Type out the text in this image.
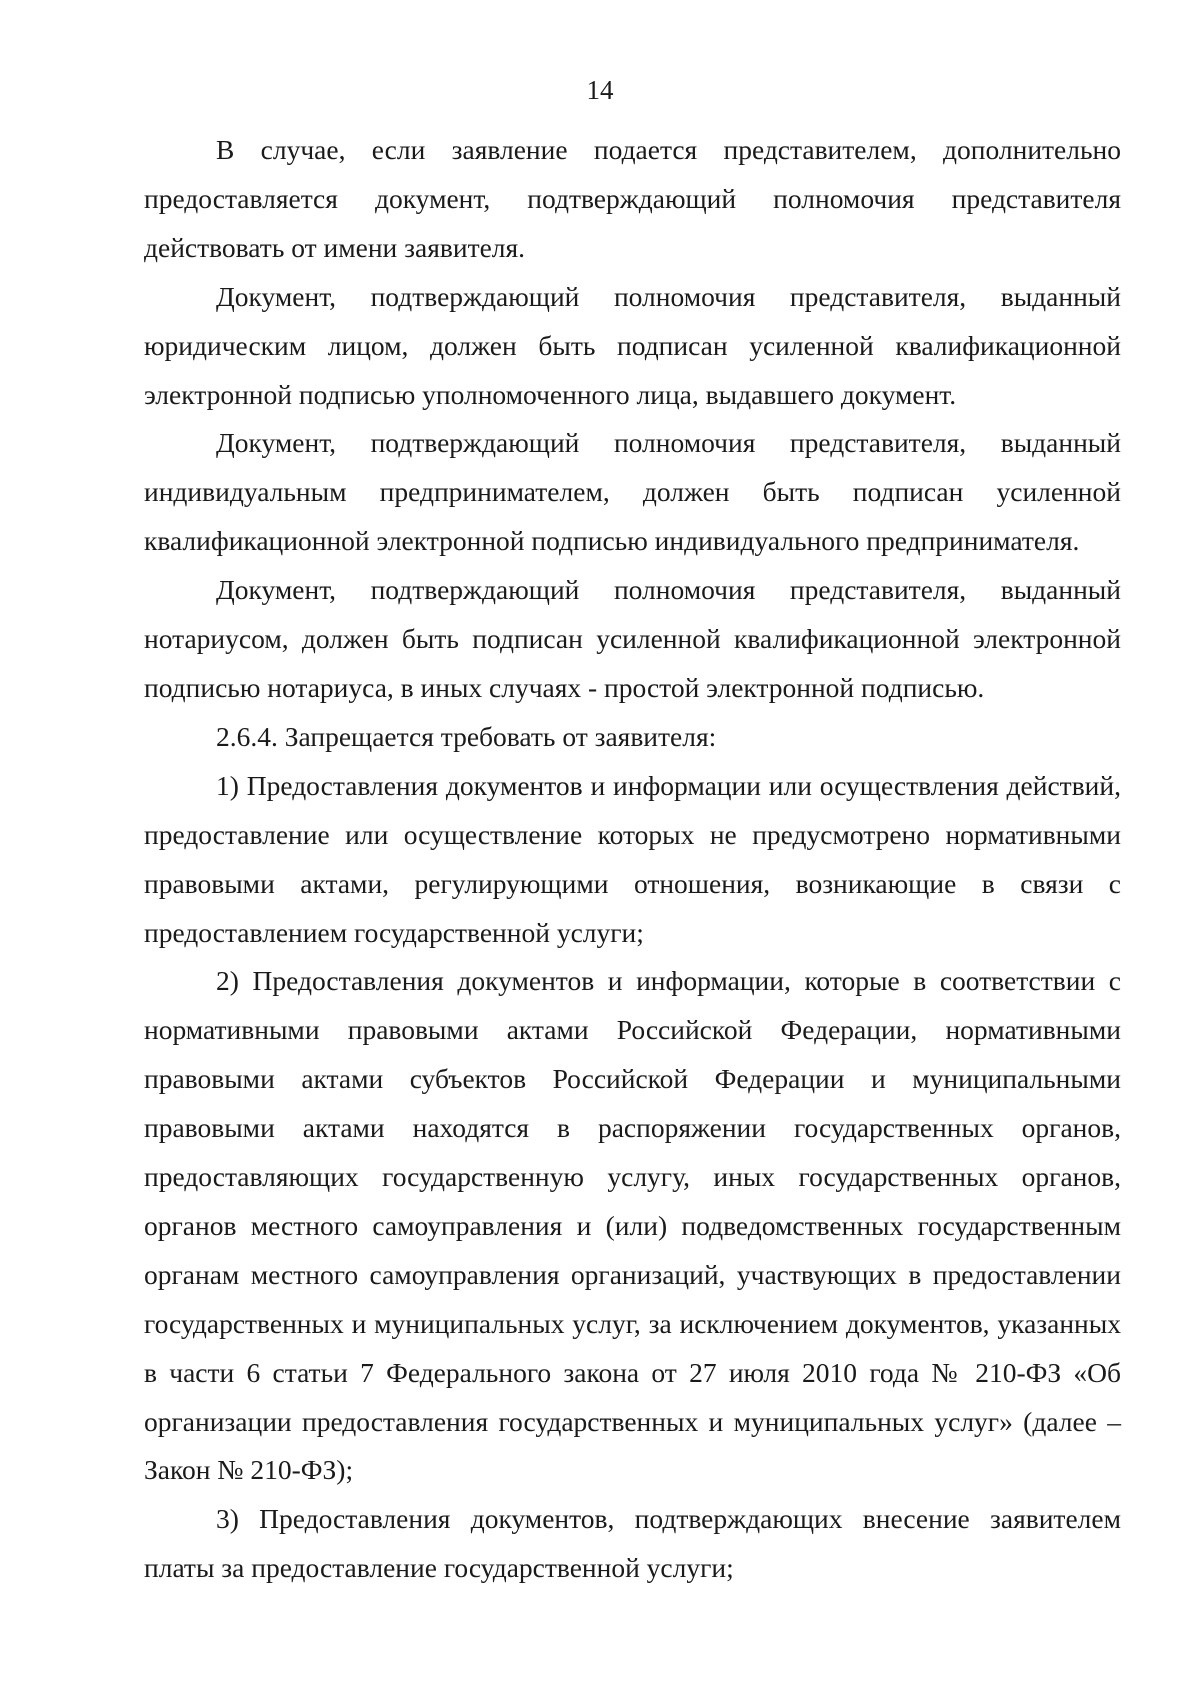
14

В случае, если заявление подается представителем, дополнительно предоставляется документ, подтверждающий полномочия представителя действовать от имени заявителя.

Документ, подтверждающий полномочия представителя, выданный юридическим лицом, должен быть подписан усиленной квалификационной электронной подписью уполномоченного лица, выдавшего документ.

Документ, подтверждающий полномочия представителя, выданный индивидуальным предпринимателем, должен быть подписан усиленной квалификационной электронной подписью индивидуального предпринимателя.

Документ, подтверждающий полномочия представителя, выданный нотариусом, должен быть подписан усиленной квалификационной электронной подписью нотариуса, в иных случаях - простой электронной подписью.

2.6.4. Запрещается требовать от заявителя:

1) Предоставления документов и информации или осуществления действий, предоставление или осуществление которых не предусмотрено нормативными правовыми актами, регулирующими отношения, возникающие в связи с предоставлением государственной услуги;

2) Предоставления документов и информации, которые в соответствии с нормативными правовыми актами Российской Федерации, нормативными правовыми актами субъектов Российской Федерации и муниципальными правовыми актами находятся в распоряжении государственных органов, предоставляющих государственную услугу, иных государственных органов, органов местного самоуправления и (или) подведомственных государственным органам местного самоуправления организаций, участвующих в предоставлении государственных и муниципальных услуг, за исключением документов, указанных в части 6 статьи 7 Федерального закона от 27 июля 2010 года № 210-ФЗ «Об организации предоставления государственных и муниципальных услуг» (далее – Закон № 210-ФЗ);

3) Предоставления документов, подтверждающих внесение заявителем платы за предоставление государственной услуги;
